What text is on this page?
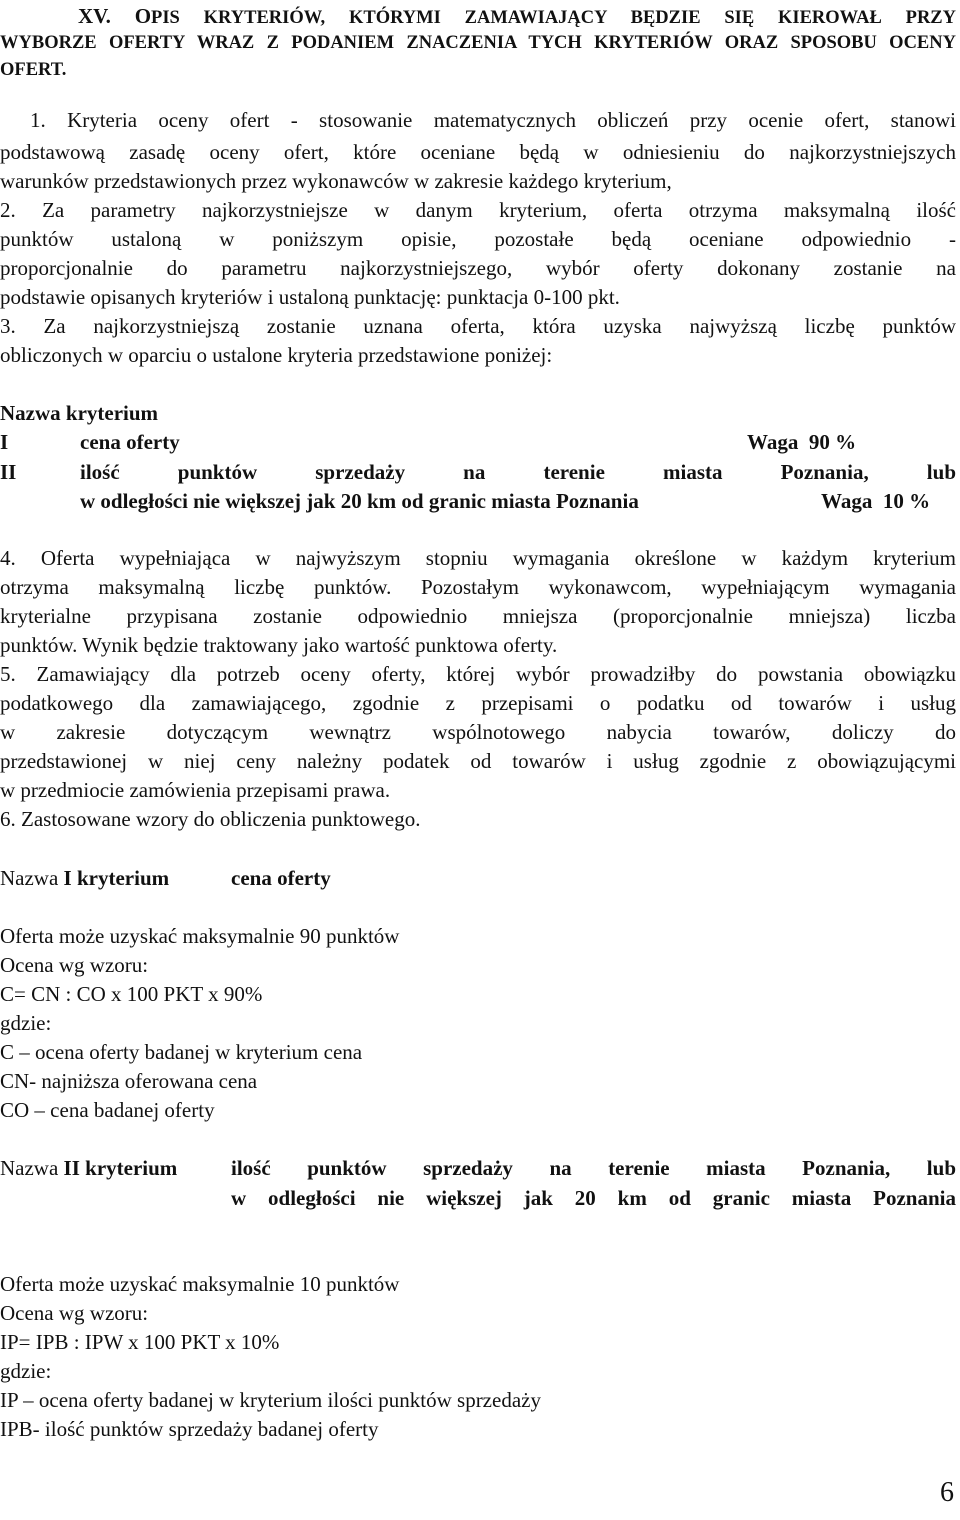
XV. OPIS KRYTERIÓW, KTÓRYMI ZAMAWIAJĄCY BĘDZIE SIĘ KIEROWAŁ PRZY
WYBORZE OFERTY WRAZ Z PODANIEM ZNACZENIA TYCH KRYTERIÓW ORAZ SPOSOBU OCENY
OFERT.
1. Kryteria oceny ofert - stosowanie matematycznych obliczeń przy ocenie ofert, stanowi
podstawową zasadę oceny ofert, które oceniane będą w odniesieniu do najkorzystniejszych
warunków przedstawionych przez wykonawców w zakresie każdego kryterium,
2. Za parametry najkorzystniejsze w danym kryterium, oferta otrzyma maksymalną ilość
punktów ustaloną w poniższym opisie, pozostałe będą oceniane odpowiednio -
proporcjonalnie do parametru najkorzystniejszego, wybór oferty dokonany zostanie na
podstawie opisanych kryteriów i ustaloną punktację: punktacja 0-100 pkt.
3. Za najkorzystniejszą zostanie uznana oferta, która uzyska najwyższą liczbę punktów
obliczonych w oparciu o ustalone kryteria przedstawione poniżej:
Nazwa kryterium
I	cena oferty	Waga  90 %
II	ilość punktów sprzedaży na terenie miasta Poznania, lub
w odległości nie większej jak 20 km od granic miasta Poznania	Waga  10 %
4. Oferta wypełniająca w najwyższym stopniu wymagania określone w każdym kryterium
otrzyma maksymalną liczbę punktów. Pozostałym wykonawcom, wypełniającym wymagania
kryterialne przypisana zostanie odpowiednio mniejsza (proporcjonalnie mniejsza) liczba
punktów. Wynik będzie traktowany jako wartość punktowa oferty.
5. Zamawiający dla potrzeb oceny oferty, której wybór prowadziłby do powstania obowiązku
podatkowego dla zamawiającego, zgodnie z przepisami o podatku od towarów i usług
w zakresie dotyczącym wewnątrz wspólnotowego nabycia towarów, doliczy do
przedstawionej w niej ceny należny podatek od towarów i usług zgodnie z obowiązującymi
w przedmiocie zamówienia przepisami prawa.
6. Zastosowane wzory do obliczenia punktowego.
Nazwa I kryterium	cena oferty
Oferta może uzyskać maksymalnie 90 punktów
Ocena wg wzoru:
C= CN : CO x 100 PKT x 90%
gdzie:
C – ocena oferty badanej w kryterium cena
CN- najniższa oferowana cena
CO – cena badanej oferty
Nazwa II kryterium	ilość punktów sprzedaży na terenie miasta Poznania, lub
w odległości nie większej jak 20 km od granic miasta Poznania
Oferta może uzyskać maksymalnie 10 punktów
Ocena wg wzoru:
IP= IPB : IPW x 100 PKT x 10%
gdzie:
IP – ocena oferty badanej w kryterium ilości punktów sprzedaży
IPB- ilość punktów sprzedaży badanej oferty
6
